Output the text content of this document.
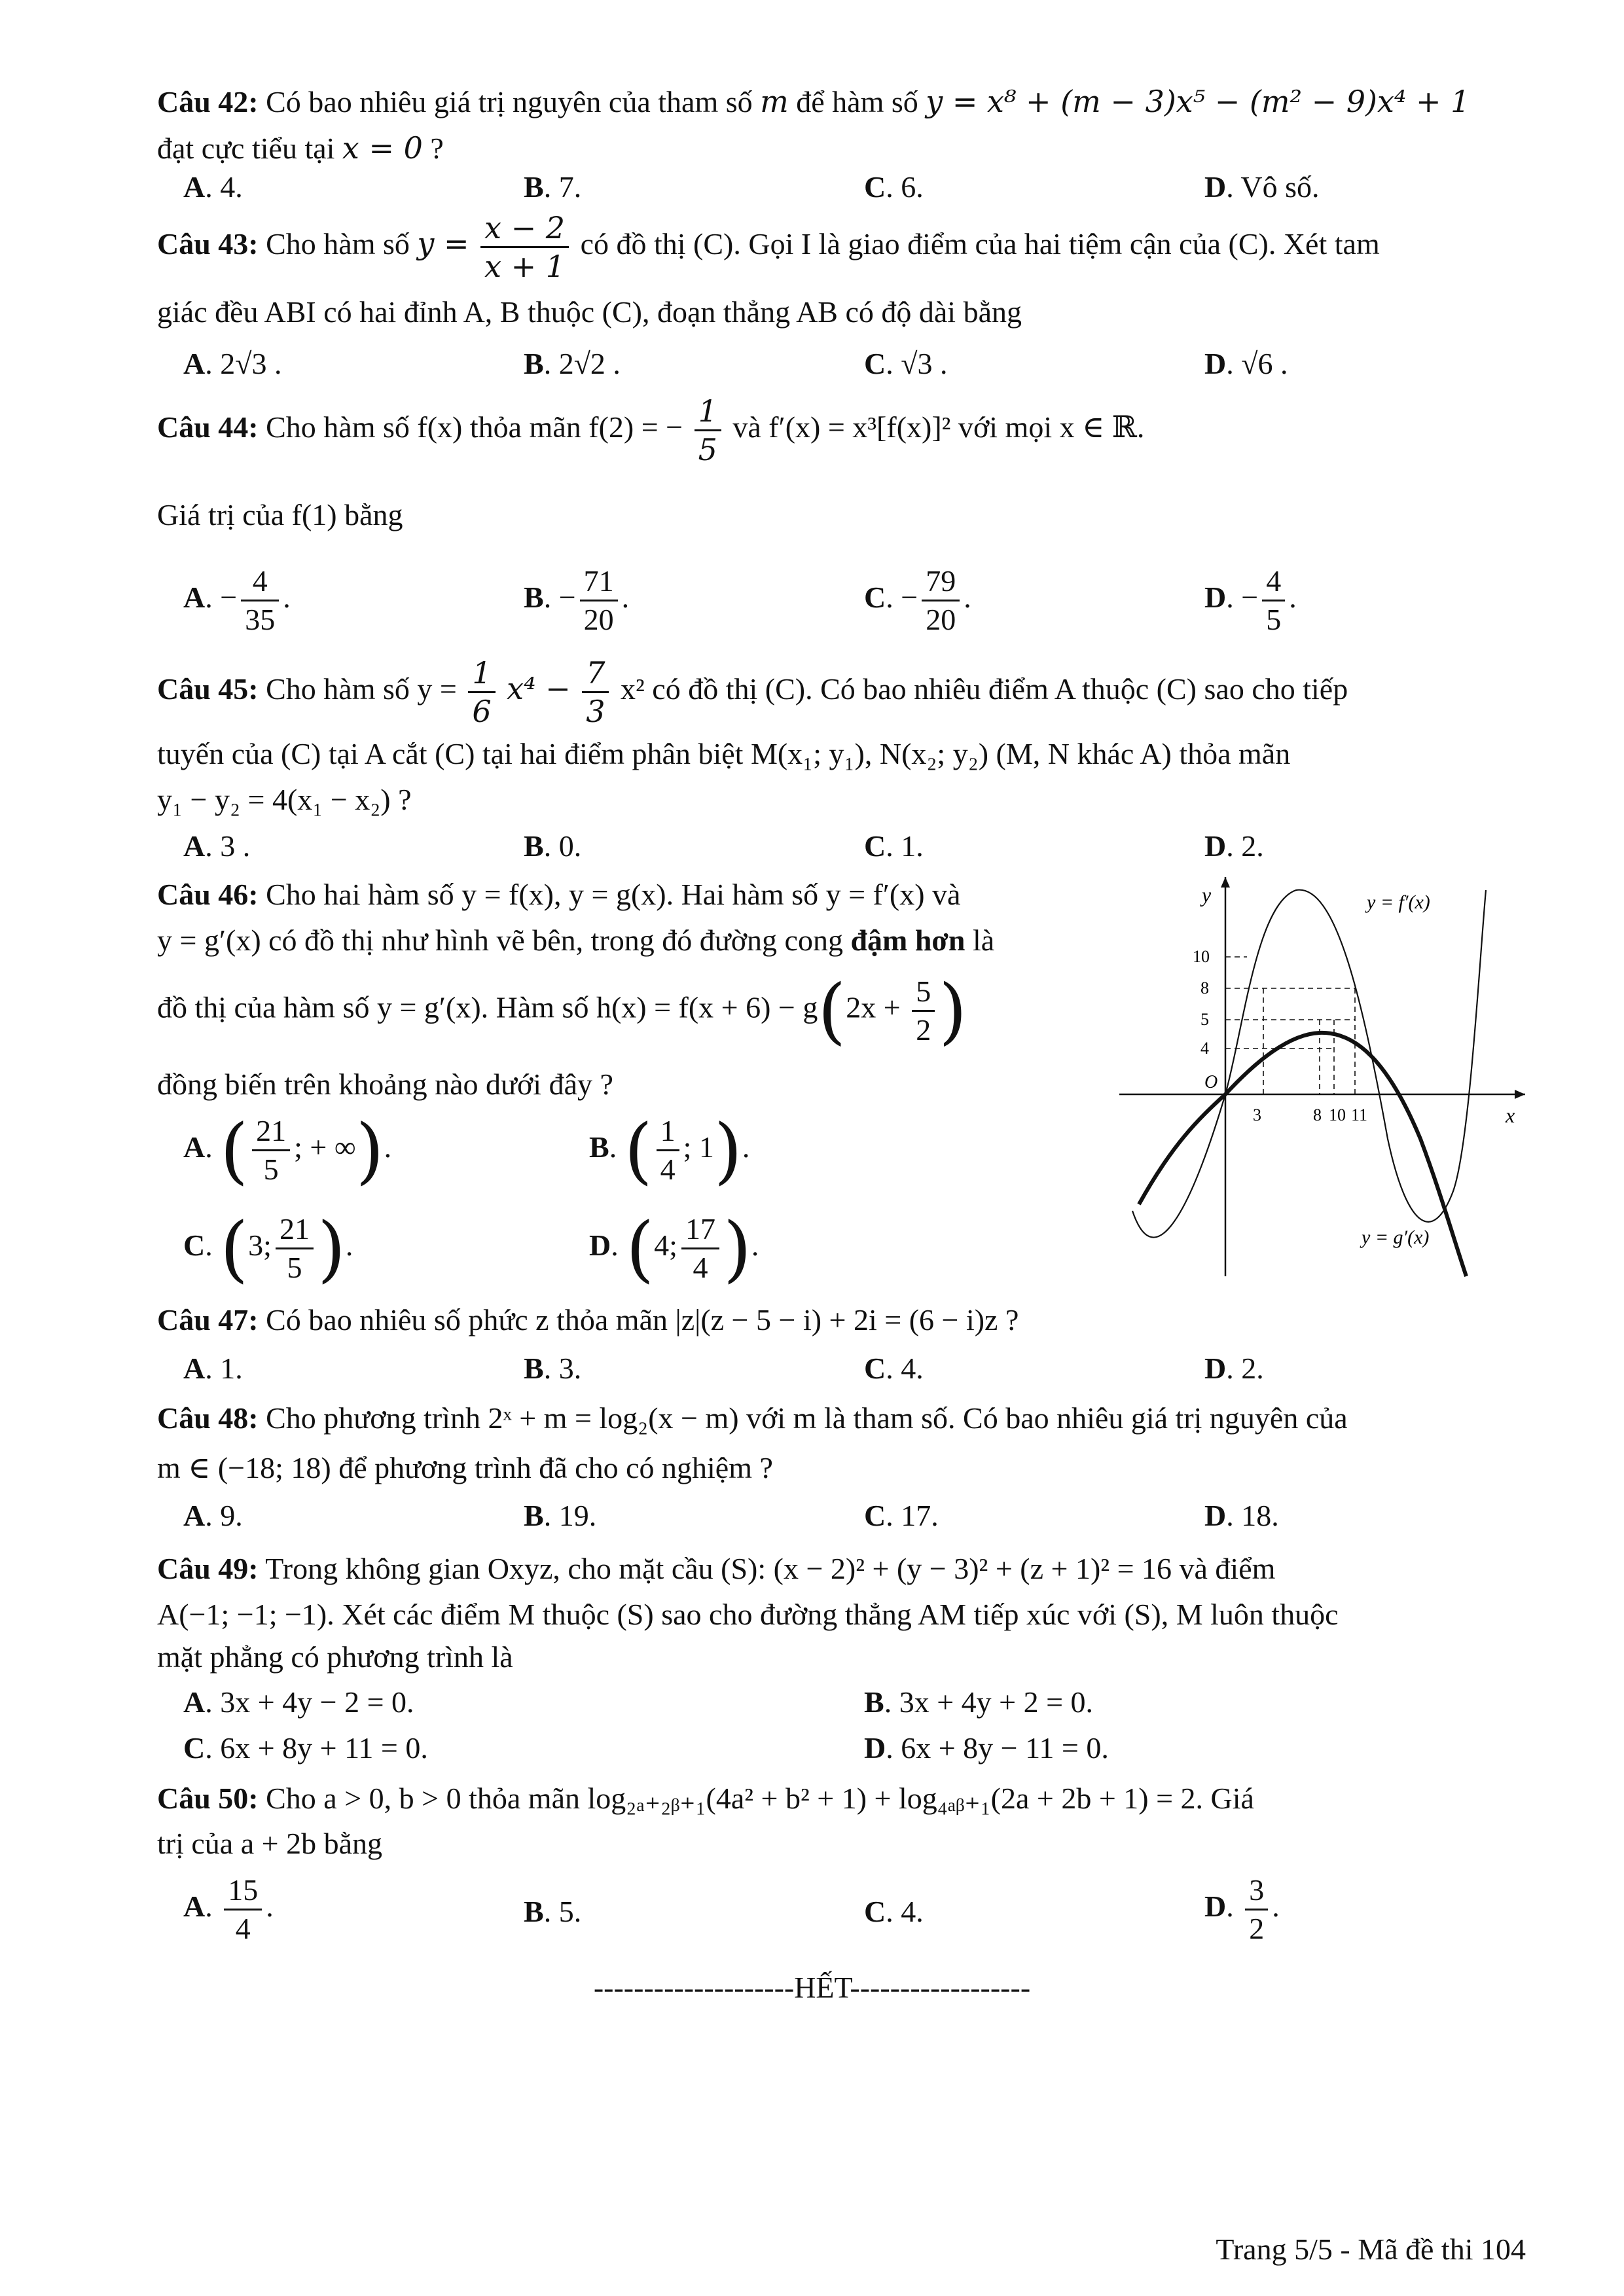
Câu 42: Có bao nhiêu giá trị nguyên của tham số m để hàm số y = x⁸ + (m − 3)x⁵ − (m² − 9)x⁴ + 1
đạt cực tiểu tại x = 0 ?
A. 4.	B. 7.	C. 6.	D. Vô số.
Câu 43: Cho hàm số $y = \frac{x - 2}{x + 1}$ có đồ thị (C). Gọi I là giao điểm của hai tiệm cận của (C). Xét tam
giác đều ABI có hai đỉnh A, B thuộc (C), đoạn thẳng AB có độ dài bằng
A. 2√3 .	B. 2√2 .	C. √3 .	D. √6 .
Câu 44: Cho hàm số f(x) thỏa mãn f(2) = − $\frac{1}{5}$ và f′(x) = x³[f(x)]² với mọi x ∈ ℝ.
Giá trị của f(1) bằng
A. − $\frac{4}{35}$ .	B. − $\frac{71}{20}$ .	C. − $\frac{79}{20}$ .	D. − $\frac{4}{5}$ .
Câu 45: Cho hàm số $y = \frac{1}{6} x^4 - \frac{7}{3} x^2$ có đồ thị (C). Có bao nhiêu điểm A thuộc (C) sao cho tiếp
tuyến của (C) tại A cắt (C) tại hai điểm phân biệt M(x₁; y₁), N(x₂; y₂) (M, N khác A) thỏa mãn
y₁ − y₂ = 4(x₁ − x₂) ?
A. 3 .	B. 0.	C. 1.	D. 2.
Câu 46: Cho hai hàm số y = f(x), y = g(x). Hai hàm số y = f′(x) và
y = g′(x) có đồ thị như hình vẽ bên, trong đó đường cong đậm hơn là
đồ thị của hàm số y = g′(x). Hàm số $h(x) = f(x + 6) - g(2x + \frac{5}{2}$ )
đồng biến trên khoảng nào dưới đây ?
A. ( $\frac{21}{5}$ ; + ∞).	B. ( $\frac{1}{4}$ ; 1).
C. (3; $\frac{21}{5}$ ).	D. (4; $\frac{17}{4}$ ).
y
x
O
10
8
5
4
3	8 10 11
y = f′(x)
y = g′(x)
Câu 47: Có bao nhiêu số phức z thỏa mãn |z|(z − 5 − i) + 2i = (6 − i)z ?
A. 1.	B. 3.	C. 4.	D. 2.
Câu 48: Cho phương trình 2ˣ + m = log₂(x − m) với m là tham số. Có bao nhiêu giá trị nguyên của
m ∈ (−18; 18) để phương trình đã cho có nghiệm ?
A. 9.	B. 19.	C. 17.	D. 18.
Câu 49: Trong không gian Oxyz, cho mặt cầu (S): (x − 2)² + (y − 3)² + (z + 1)² = 16 và điểm
A(−1; −1; −1). Xét các điểm M thuộc (S) sao cho đường thẳng AM tiếp xúc với (S), M luôn thuộc
mặt phẳng có phương trình là
A. 3x + 4y − 2 = 0.	B. 3x + 4y + 2 = 0.
C. 6x + 8y + 11 = 0.	D. 6x + 8y − 11 = 0.
Câu 50: Cho a > 0, b > 0 thỏa mãn log₂ₐ₊₂ᵦ₊₁(4a² + b² + 1) + log₄ₐᵦ₊₁(2a + 2b + 1) = 2. Giá
trị của a + 2b bằng
A. $\frac{15}{4}$ .	B. 5.	C. 4.	D. $\frac{3}{2}$ .
--------------------HẾT------------------
Trang 5/5 - Mã đề thi 104
